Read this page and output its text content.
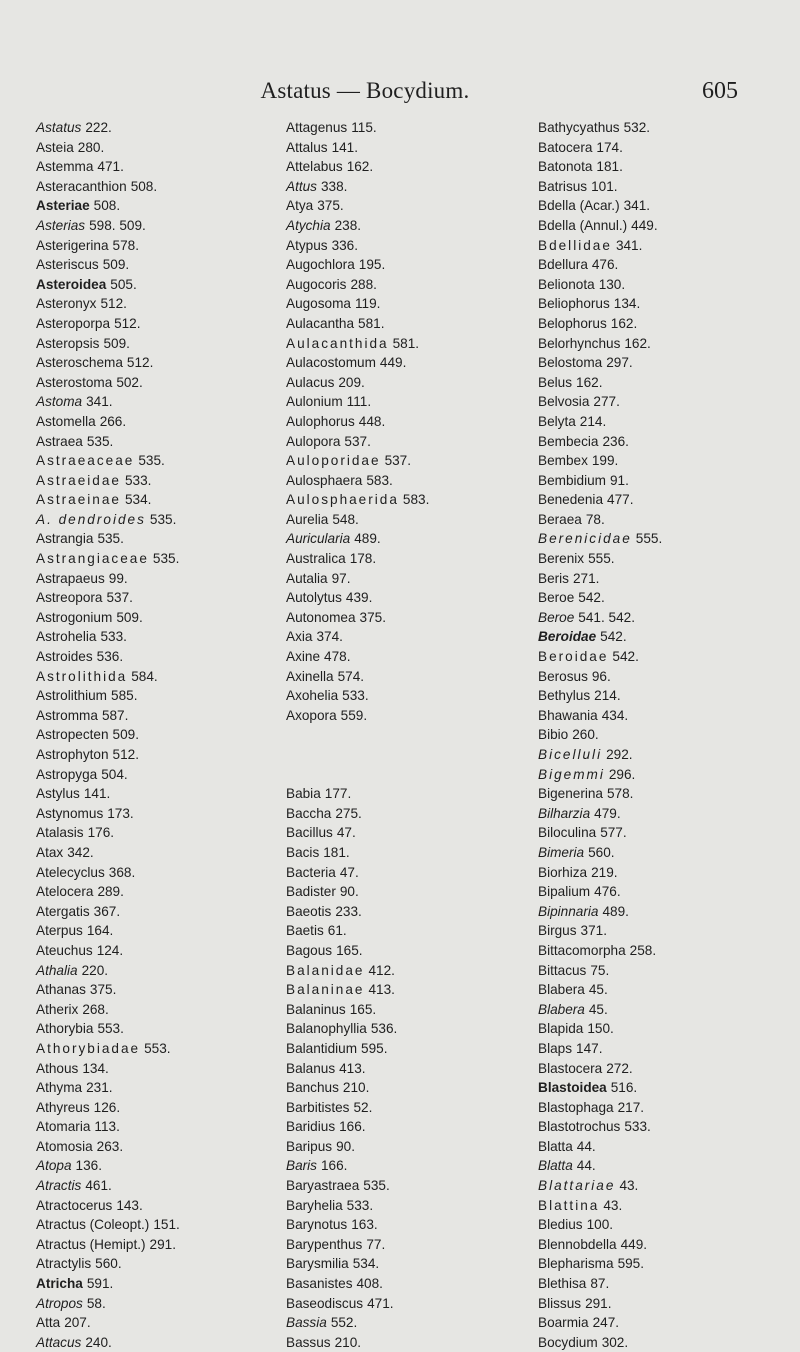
Astatus — Bocydium.	605
Astatus 222.
Asteia 280.
Astemma 471.
Asteracanthion 508.
Asteriae 508.
Asterias 598. 509.
Asterigerina 578.
Asteriscus 509.
Asteroidea 505.
Asteronyx 512.
Asteroporpa 512.
Asteropsis 509.
Asteroschema 512.
Asterostoma 502.
Astoma 341.
Astomella 266.
Astraea 535.
Astraeaceae 535.
Astraeidae 533.
Astraeinae 534.
A. dendroides 535.
Astrangia 535.
Astrangiaceae 535.
Astrapaeus 99.
Astreopora 537.
Astrogonium 509.
Astrohelia 533.
Astroides 536.
Astrolithida 584.
Astrolithium 585.
Astromma 587.
Astropecten 509.
Astrophyton 512.
Astropyga 504.
Astylus 141.
Astynomus 173.
Atalasis 176.
Atax 342.
Atelecyclus 368.
Atelocera 289.
Atergatis 367.
Aterpus 164.
Ateuchus 124.
Athalia 220.
Athanas 375.
Atherix 268.
Athorybia 553.
Athorybiadae 553.
Athous 134.
Athyma 231.
Athyreus 126.
Atomaria 113.
Atomosia 263.
Atopa 136.
Atractis 461.
Atractocerus 143.
Atractus (Coleopt.) 151.
Atractus (Hemipt.) 291.
Atractylis 560.
Atricha 591.
Atropos 58.
Atta 207.
Attacus 240.
Attagenus 115.
Attalus 141.
Attelabus 162.
Attus 338.
Atya 375.
Atychia 238.
Atypus 336.
Augochlora 195.
Augocoris 288.
Augosoma 119.
Aulacantha 581.
Aulacanthida 581.
Aulacostomum 449.
Aulacus 209.
Aulonium 111.
Aulophorus 448.
Aulopora 537.
Auloporidae 537.
Aulosphaera 583.
Aulosphaerida 583.
Aurelia 548.
Auricularia 489.
Australica 178.
Autalia 97.
Autolytus 439.
Autonomea 375.
Axia 374.
Axine 478.
Axinella 574.
Axohelia 533.
Axopora 559.
Babia 177.
Baccha 275.
Bacillus 47.
Bacis 181.
Bacteria 47.
Badister 90.
Baeotis 233.
Baetis 61.
Bagous 165.
Balanidae 412.
Balaninae 413.
Balaninus 165.
Balanophyllia 536.
Balantidium 595.
Balanus 413.
Banchus 210.
Barbitistes 52.
Baridius 166.
Baripus 90.
Baris 166.
Baryastraea 535.
Baryhelia 533.
Barynotus 163.
Barypenthus 77.
Barysmilia 534.
Basanistes 408.
Baseodiscus 471.
Bassia 552.
Bassus 210.
Bathycyathus 532.
Batocera 174.
Batonota 181.
Batrisus 101.
Bdella (Acar.) 341.
Bdella (Annul.) 449.
Bdellidae 341.
Bdellura 476.
Belionota 130.
Beliophorus 134.
Belophorus 162.
Belorhynchus 162.
Belostoma 297.
Belus 162.
Belvosia 277.
Belyta 214.
Bembecia 236.
Bembex 199.
Bembidium 91.
Benedenia 477.
Beraea 78.
Berenicidae 555.
Berenix 555.
Beris 271.
Beroe 542.
Beroe 541. 542.
Beroidae 542.
Beroidae 542.
Berosus 96.
Bethylus 214.
Bhawania 434.
Bibio 260.
Bicelluli 292.
Bigemmi 296.
Bigenerina 578.
Bilharzia 479.
Biloculina 577.
Bimeria 560.
Biorhiza 219.
Bipalium 476.
Bipinnaria 489.
Birgus 371.
Bittacomorpha 258.
Bittacus 75.
Blabera 45.
Blabera 45.
Blapida 150.
Blaps 147.
Blastocera 272.
Blastoidea 516.
Blastophaga 217.
Blastotrochus 533.
Blatta 44.
Blatta 44.
Blattariae 43.
Blattina 43.
Bledius 100.
Blennobdella 449.
Blepharisma 595.
Blethisa 87.
Blissus 291.
Boarmia 247.
Bocydium 302.
